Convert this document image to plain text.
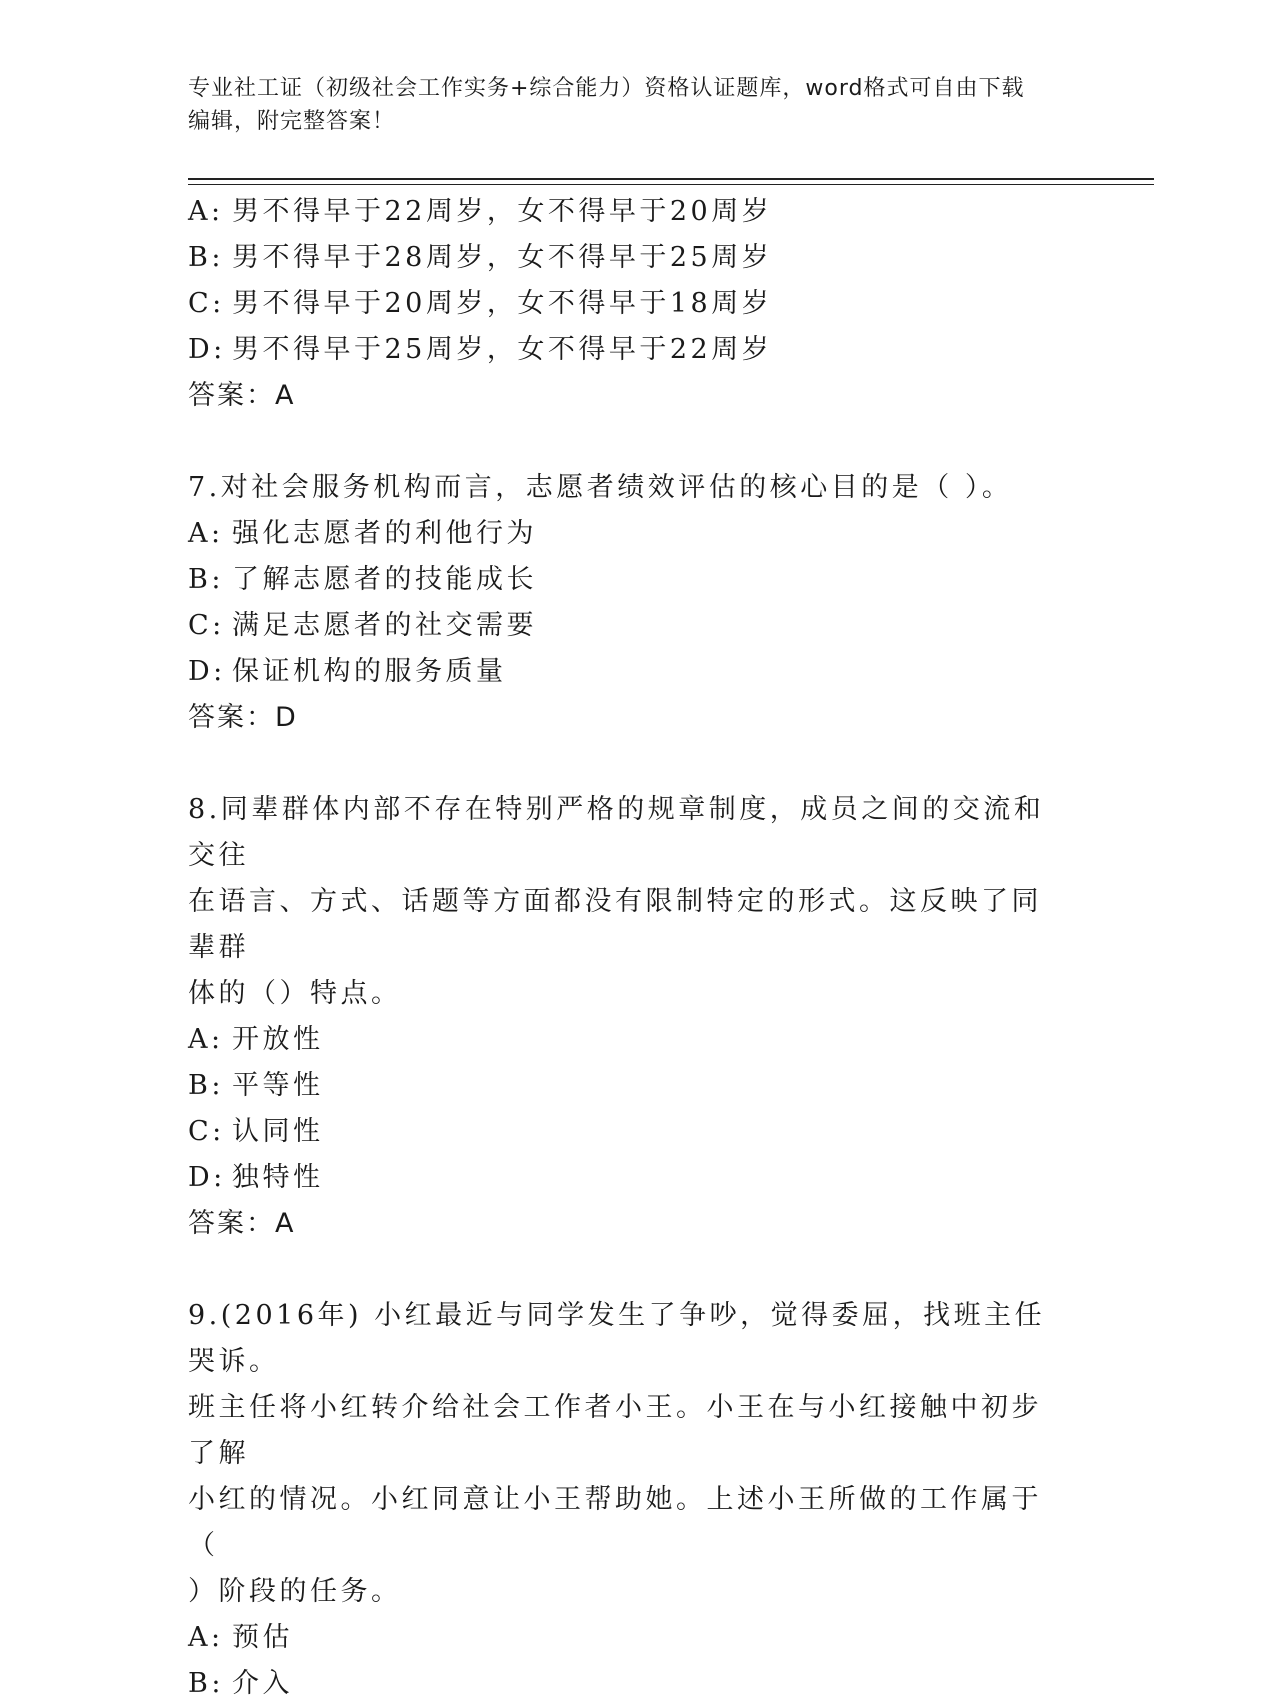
专业社工证（初级社会工作实务+综合能力）资格认证题库，word格式可自由下载
编辑，附完整答案！
A: 男不得早于22周岁，女不得早于20周岁
B: 男不得早于28周岁，女不得早于25周岁
C: 男不得早于20周岁，女不得早于18周岁
D: 男不得早于25周岁，女不得早于22周岁
答案：A
7.对社会服务机构而言，志愿者绩效评估的核心目的是（ ）。
A: 强化志愿者的利他行为
B: 了解志愿者的技能成长
C: 满足志愿者的社交需要
D: 保证机构的服务质量
答案：D
8.同辈群体内部不存在特别严格的规章制度，成员之间的交流和交往
在语言、方式、话题等方面都没有限制特定的形式。这反映了同辈群
体的（）特点。
A: 开放性
B: 平等性
C: 认同性
D: 独特性
答案：A
9.(2016年) 小红最近与同学发生了争吵，觉得委屈，找班主任哭诉。
班主任将小红转介给社会工作者小王。小王在与小红接触中初步了解
小红的情况。小红同意让小王帮助她。上述小王所做的工作属于（
）阶段的任务。
A: 预估
B: 介入
